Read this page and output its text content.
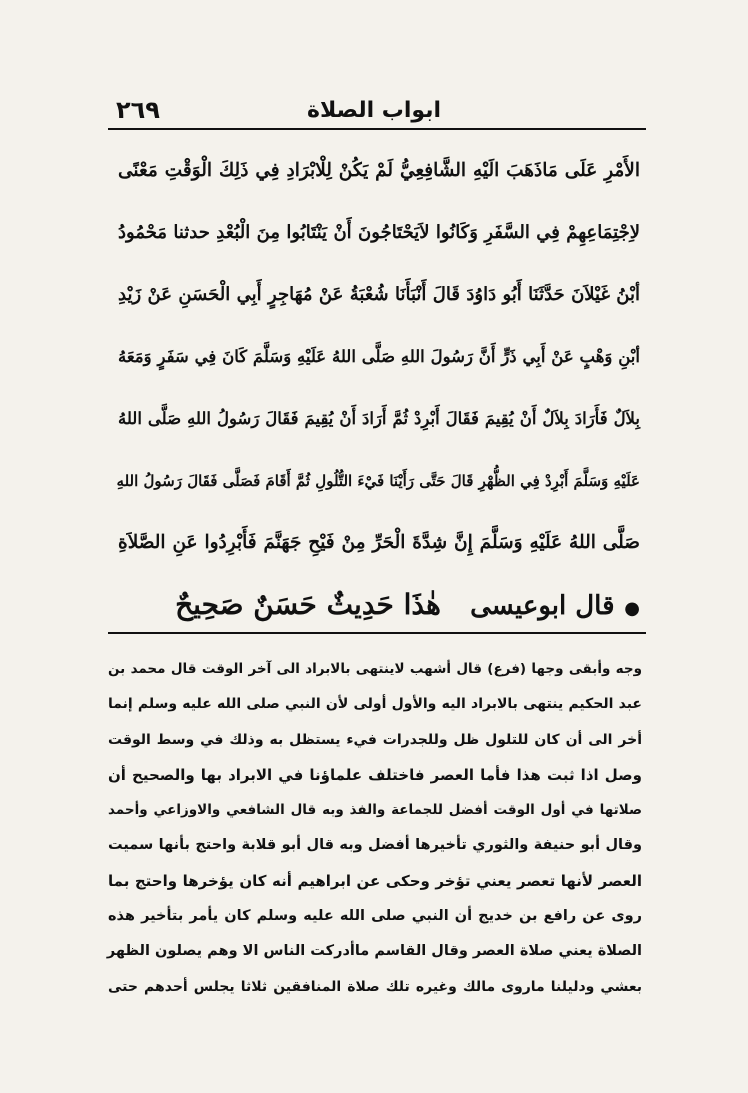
ابواب الصلاة
٢٦٩
الأَمْرِ عَلَى مَاذَهَبَ الَيْهِ الشَّافِعِيُّ لَمْ يَكُنْ لِلْابْرَادِ فِي ذَلِكَ الْوَقْتِ مَعْنًى
لاِجْتِمَاعِهِمْ فِي السَّفَرِ وَكَانُوا لاَيَحْتَاجُونَ أَنْ يَنْتَابُوا مِنَ الْبُعْدِ حدثنا مَحْمُودُ
أبْنُ غَيْلاَنَ حَدَّثَنَا أَبُو دَاوُدَ قَالَ أَنْبَأَنَا شُعْبَةُ عَنْ مُهَاجِرٍ أَبِي الْحَسَنِ عَنْ زَيْدِ
أبْنِ وَهْبٍ عَنْ أَبِي ذَرٍّ أَنَّ رَسُولَ اللهِ صَلَّى اللهُ عَلَيْهِ وَسَلَّمَ كَانَ فِي سَفَرٍ وَمَعَهُ
بِلاَلٌ فَأَرَادَ بِلاَلٌ أَنْ يُقِيمَ فَقَالَ أَبْرِدْ ثُمَّ أَرَادَ أَنْ يُقِيمَ فَقَالَ رَسُولُ اللهِ صَلَّى اللهُ
عَلَيْهِ وَسَلَّمَ أَبْرِدْ فِي الظُّهْرِ قَالَ حَتَّى رَأَيْنَا فَيْءَ التُّلُولِ ثُمَّ أَقَامَ فَصَلَّى فَقَالَ رَسُولُ اللهِ
صَلَّى اللهُ عَلَيْهِ وَسَلَّمَ إِنَّ شِدَّةَ الْحَرِّ مِنْ فَيْحِ جَهَنَّمَ فَأَبْرِدُوا عَنِ الصَّلاَةِ
● قال ابوعيسى   هٰذَا حَدِيثٌ حَسَنٌ صَحِيحٌ
وجه وأبقى وجها (فرع) قال أشهب لاينتهى بالابراد الى آخر الوقت قال محمد بن
عبد الحكيم ينتهى بالابراد اليه والأول أولى لأن النبي صلى الله عليه وسلم إنما
أخر الى أن كان للتلول ظل وللجدرات فيء يستظل به وذلك في وسط الوقت
وصل اذا ثبت هذا فأما العصر فاختلف علماؤنا في الابراد بها والصحيح أن
صلاتها في أول الوقت أفضل للجماعة والفذ وبه قال الشافعي والاوزاعي وأحمد
وقال أبو حنيفة والثوري تأخيرها أفضل وبه قال أبو قلابة واحتج بأنها سميت
العصر لأنها تعصر يعني تؤخر وحكى عن ابراهيم أنه كان يؤخرها واحتج بما
روى عن رافع بن خديج أن النبي صلى الله عليه وسلم كان يأمر بتأخير هذه
الصلاة يعني صلاة العصر وقال القاسم ماأدركت الناس الا وهم يصلون الظهر
بعشي ودليلنا ماروى مالك وغيره تلك صلاة المنافقين ثلاثا يجلس أحدهم حتى
